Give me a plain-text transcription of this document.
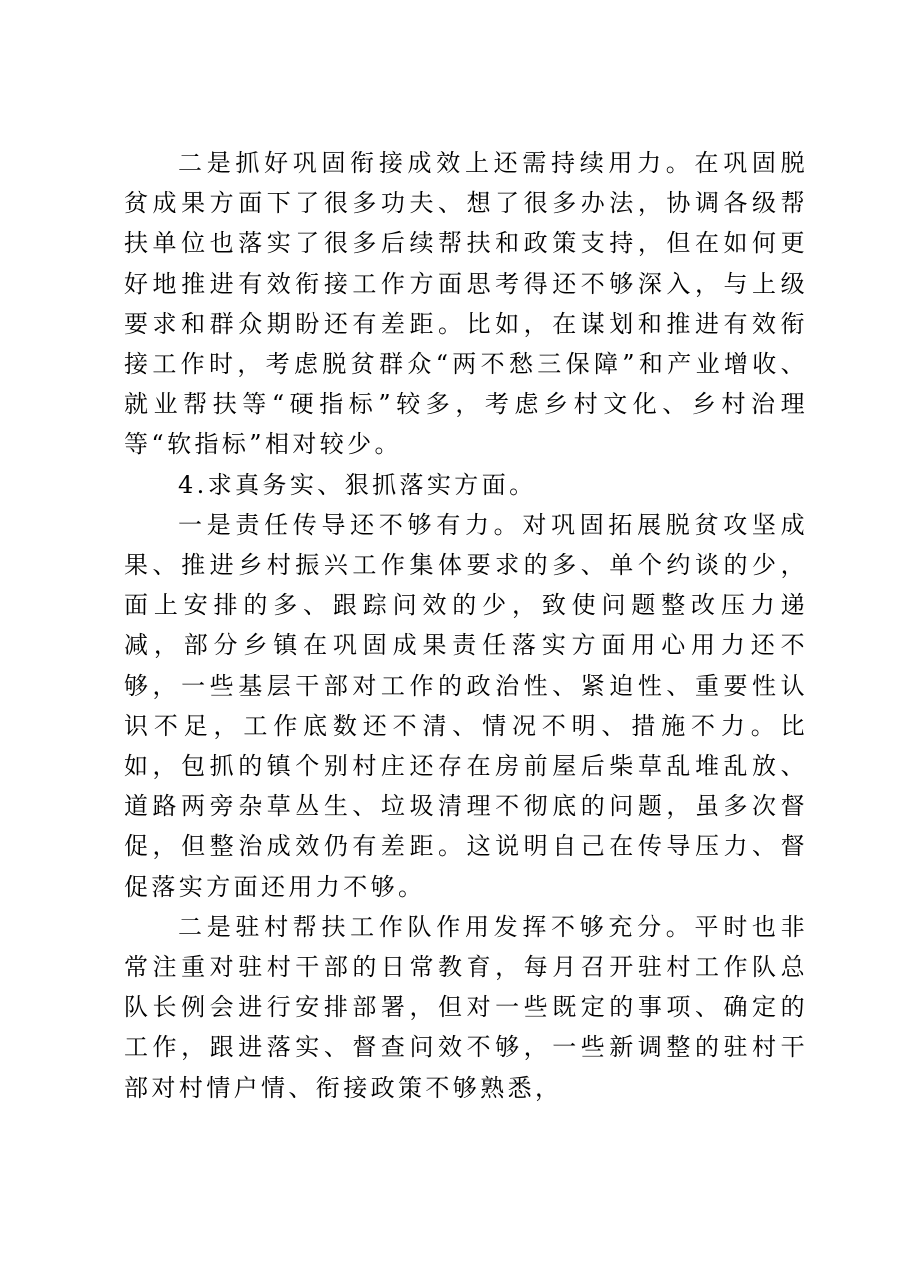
二是抓好巩固衔接成效上还需持续用力。在巩固脱贫成果方面下了很多功夫、想了很多办法，协调各级帮扶单位也落实了很多后续帮扶和政策支持，但在如何更好地推进有效衔接工作方面思考得还不够深入，与上级要求和群众期盼还有差距。比如，在谋划和推进有效衔接工作时，考虑脱贫群众“两不愁三保障”和产业增收、就业帮扶等“硬指标”较多，考虑乡村文化、乡村治理等“软指标”相对较少。

4.求真务实、狠抓落实方面。

一是责任传导还不够有力。对巩固拓展脱贫攻坚成果、推进乡村振兴工作集体要求的多、单个约谈的少，面上安排的多、跟踪问效的少，致使问题整改压力递减，部分乡镇在巩固成果责任落实方面用心用力还不够，一些基层干部对工作的政治性、紧迫性、重要性认识不足，工作底数还不清、情况不明、措施不力。比如，包抓的镇个别村庄还存在房前屋后柴草乱堆乱放、道路两旁杂草丛生、垃圾清理不彻底的问题，虽多次督促，但整治成效仍有差距。这说明自己在传导压力、督促落实方面还用力不够。

二是驻村帮扶工作队作用发挥不够充分。平时也非常注重对驻村干部的日常教育，每月召开驻村工作队总队长例会进行安排部署，但对一些既定的事项、确定的工作，跟进落实、督查问效不够，一些新调整的驻村干部对村情户情、衔接政策不够熟悉，
